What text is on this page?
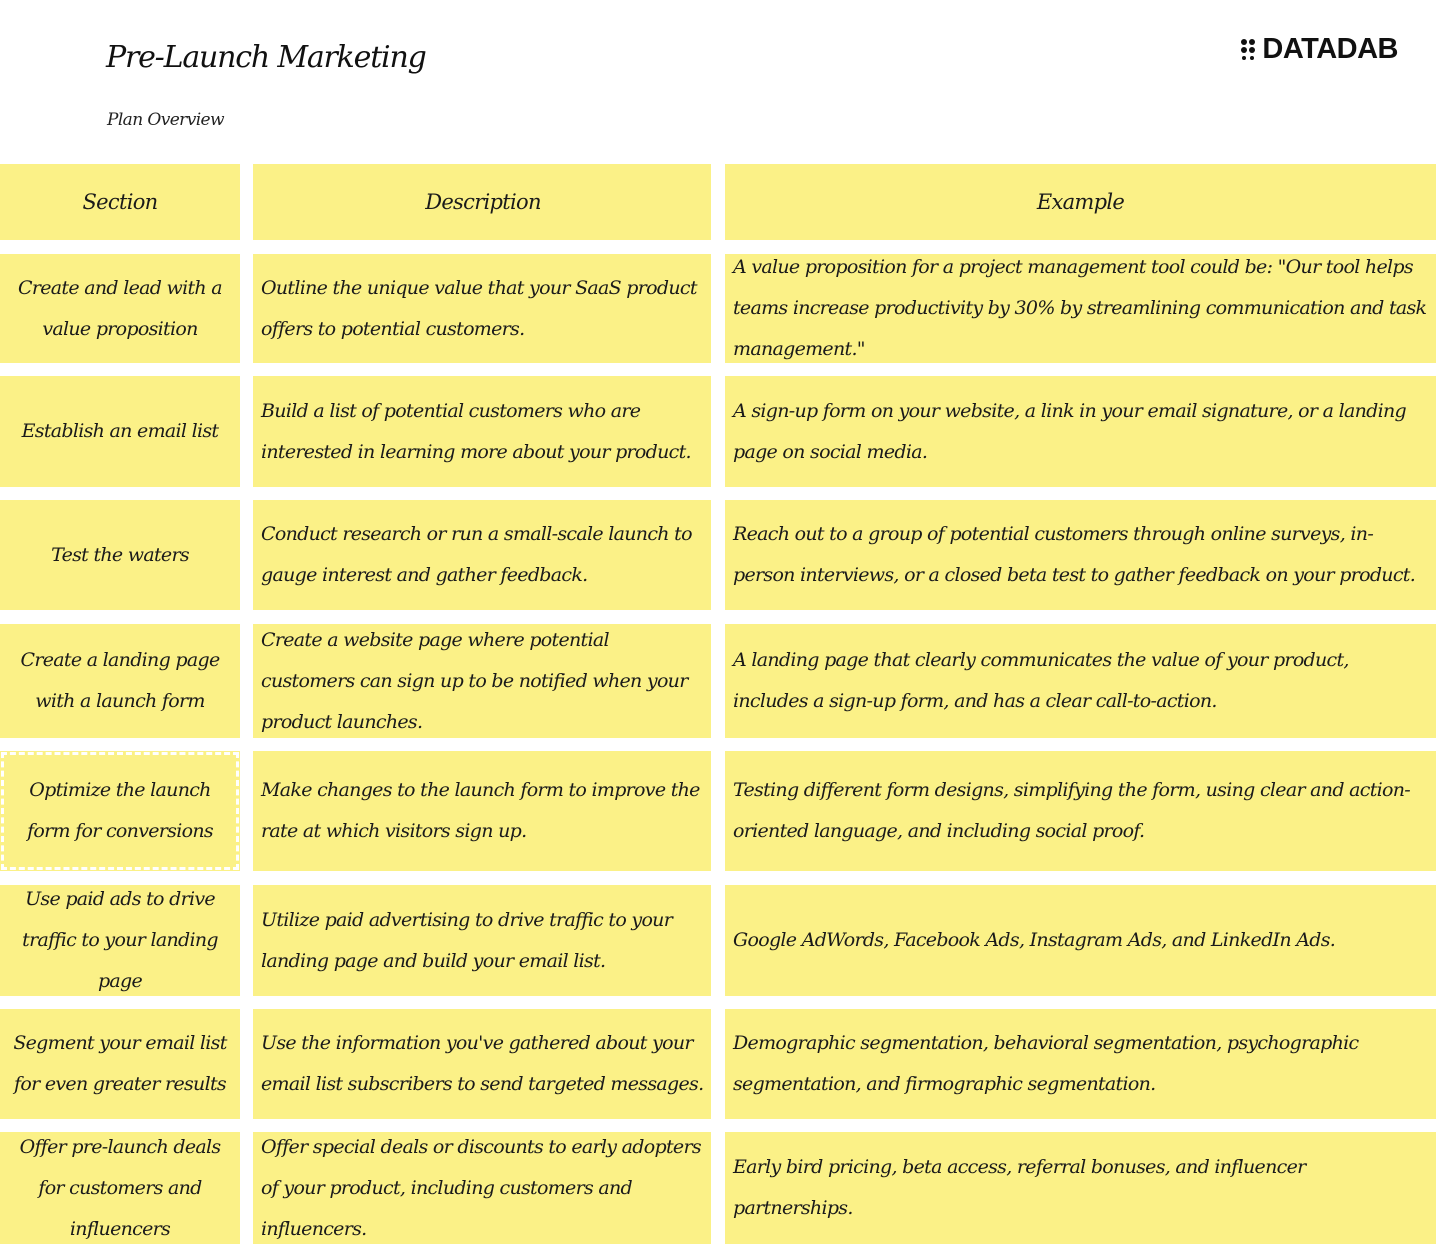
Pre-Launch Marketing
Plan Overview
DATADAB
Section	Description	Example
Create and lead with a value proposition
Outline the unique value that your SaaS product offers to potential customers.
A value proposition for a project management tool could be: "Our tool helps teams increase productivity by 30% by streamlining communication and task management."
Establish an email list
Build a list of potential customers who are interested in learning more about your product.
A sign-up form on your website, a link in your email signature, or a landing page on social media.
Test the waters
Conduct research or run a small-scale launch to gauge interest and gather feedback.
Reach out to a group of potential customers through online surveys, in-person interviews, or a closed beta test to gather feedback on your product.
Create a landing page with a launch form
Create a website page where potential customers can sign up to be notified when your product launches.
A landing page that clearly communicates the value of your product, includes a sign-up form, and has a clear call-to-action.
Optimize the launch form for conversions
Make changes to the launch form to improve the rate at which visitors sign up.
Testing different form designs, simplifying the form, using clear and action-oriented language, and including social proof.
Use paid ads to drive traffic to your landing page
Utilize paid advertising to drive traffic to your landing page and build your email list.
Google AdWords, Facebook Ads, Instagram Ads, and LinkedIn Ads.
Segment your email list for even greater results
Use the information you've gathered about your email list subscribers to send targeted messages.
Demographic segmentation, behavioral segmentation, psychographic segmentation, and firmographic segmentation.
Offer pre-launch deals for customers and influencers
Offer special deals or discounts to early adopters of your product, including customers and influencers.
Early bird pricing, beta access, referral bonuses, and influencer partnerships.
